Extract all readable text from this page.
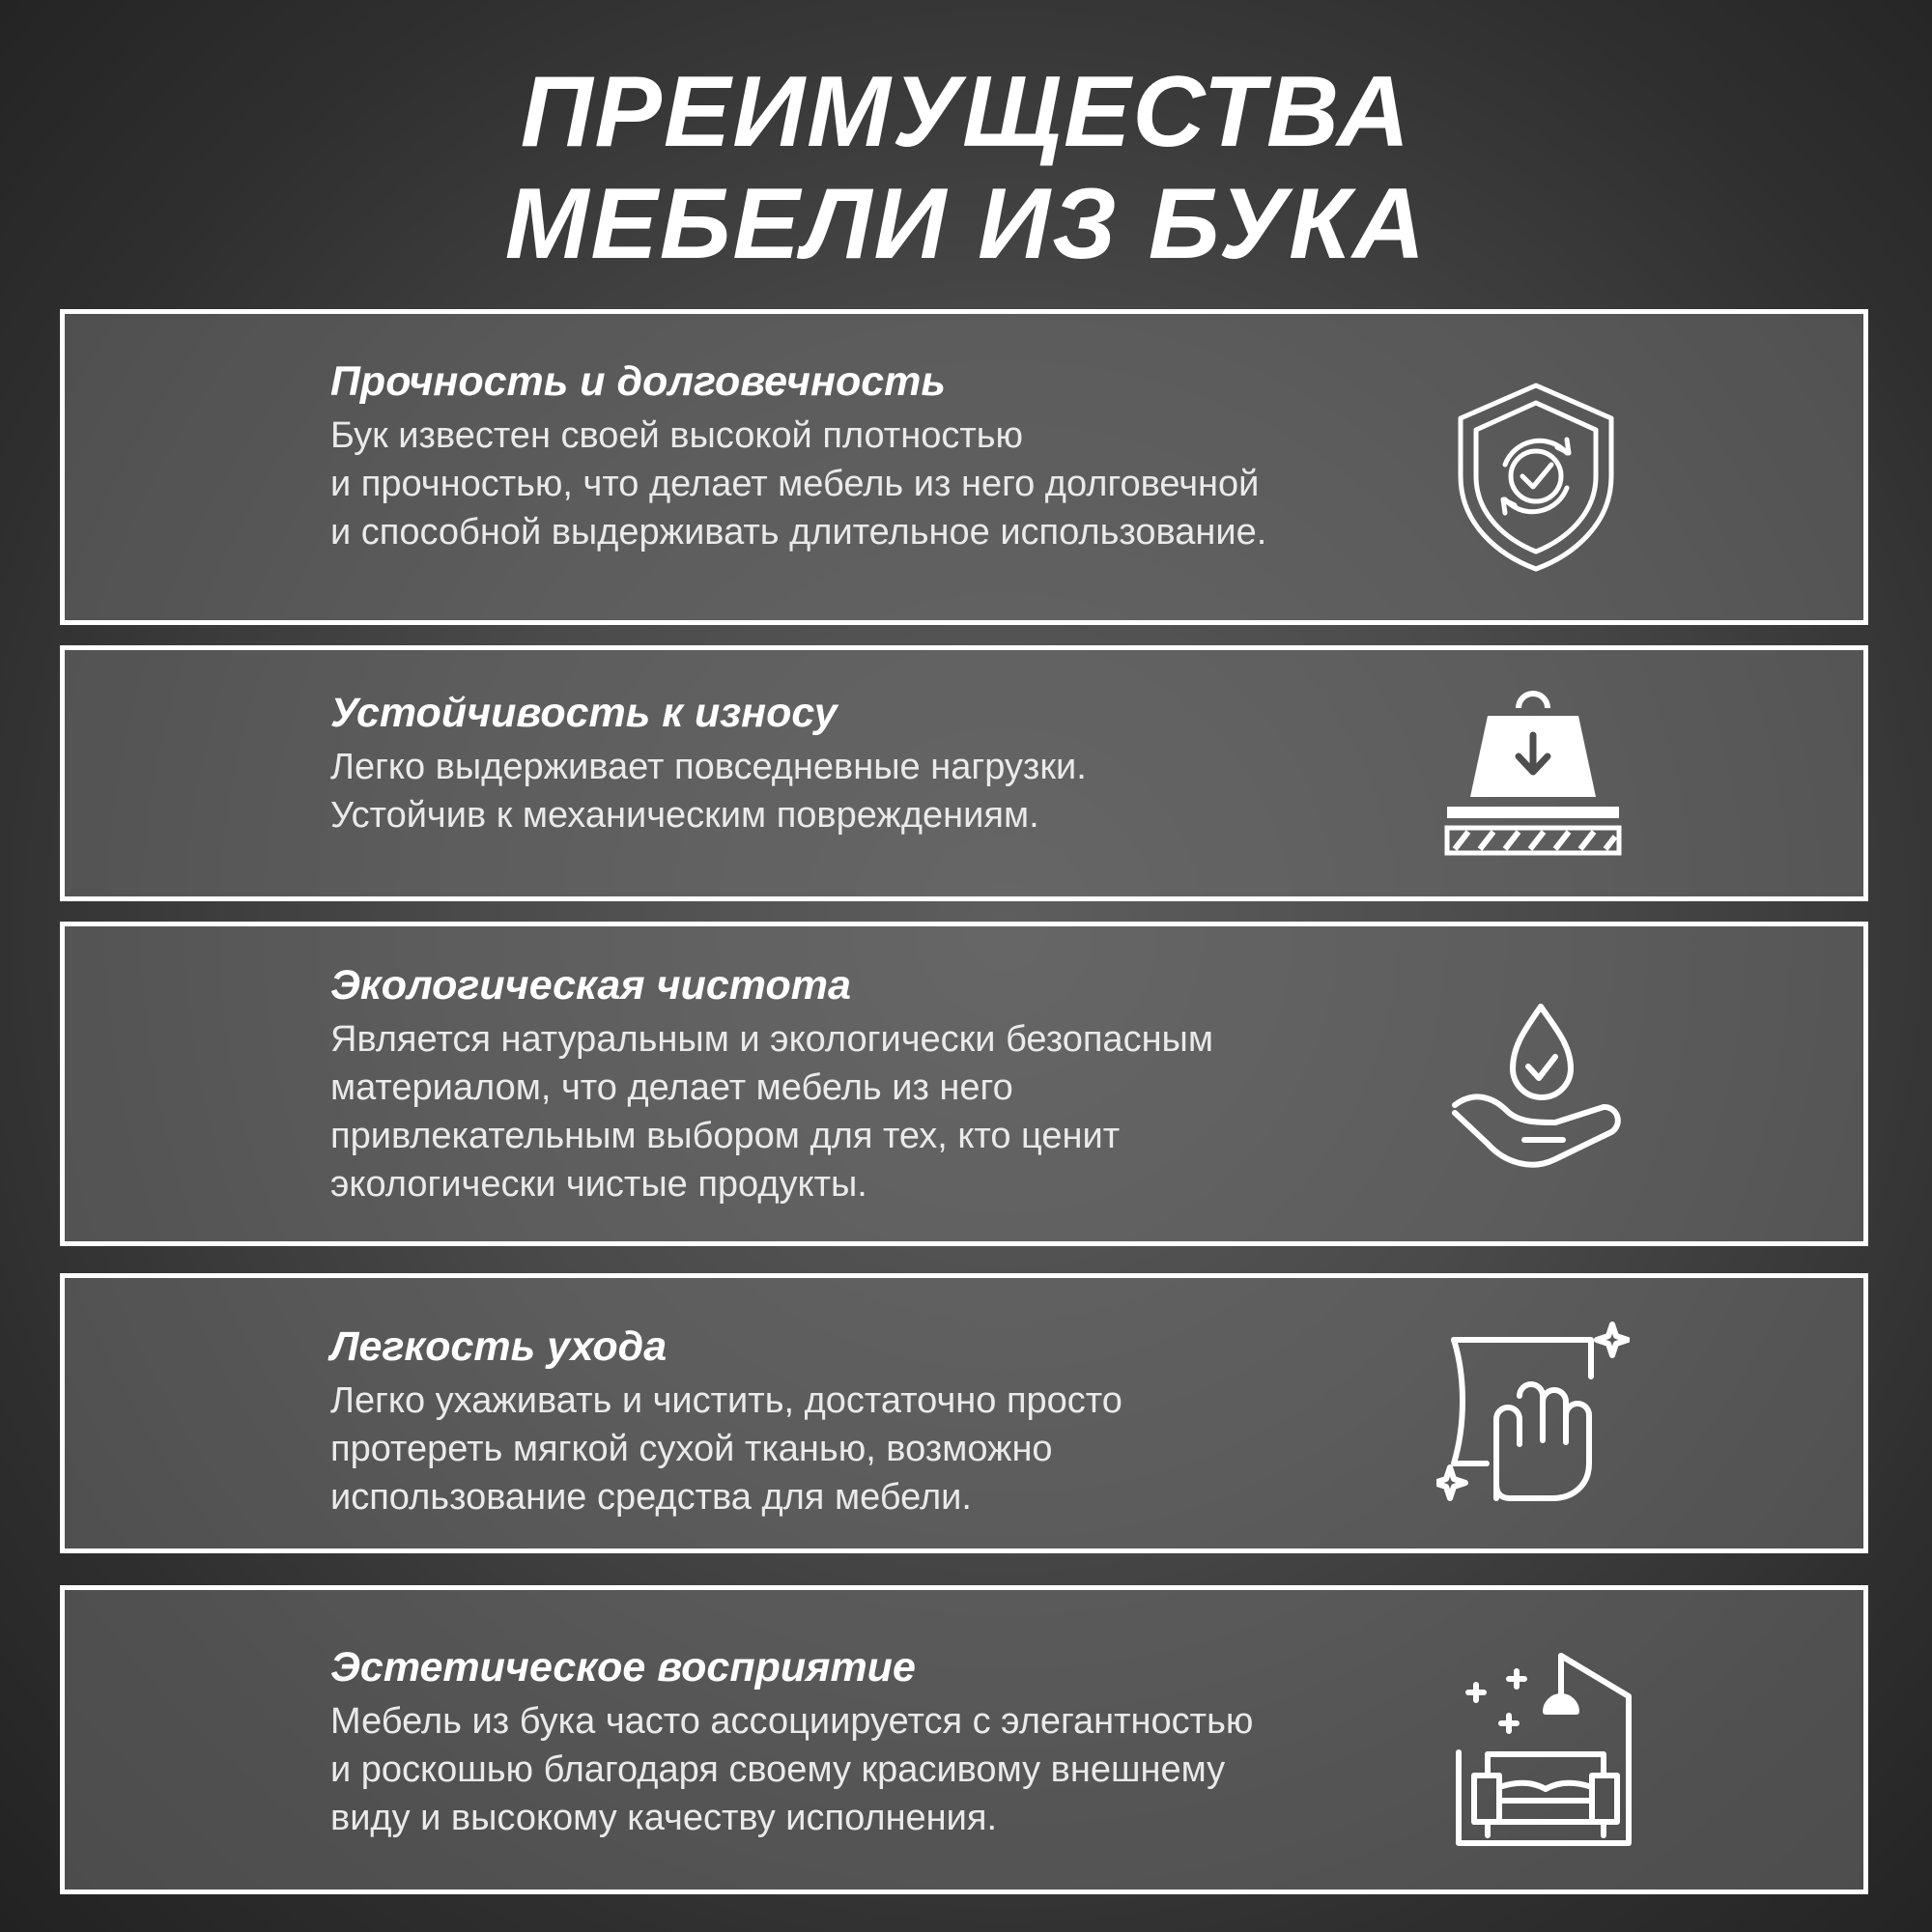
ПРЕИМУЩЕСТВА
МЕБЕЛИ ИЗ БУКА

Прочность и долговечность

Бук известен своей высокой плотностью
и прочностью, что делает мебель из него долговечной
и способной выдерживать длительное использование.

Устойчивость к износу

Легко выдерживает повседневные нагрузки.
Устойчив к механическим повреждениям.

Экологическая чистота

Является натуральным и экологически безопасным
материалом, что делает мебель из него
привлекательным выбором для тех, кто ценит
экологически чистые продукты.

Легкость ухода

Легко ухаживать и чистить, достаточно просто
протереть мягкой сухой тканью, возможно
использование средства для мебели.

Эстетическое восприятие

Мебель из бука часто ассоциируется с элегантностью
и роскошью благодаря своему красивому внешнему
виду и высокому качеству исполнения.
